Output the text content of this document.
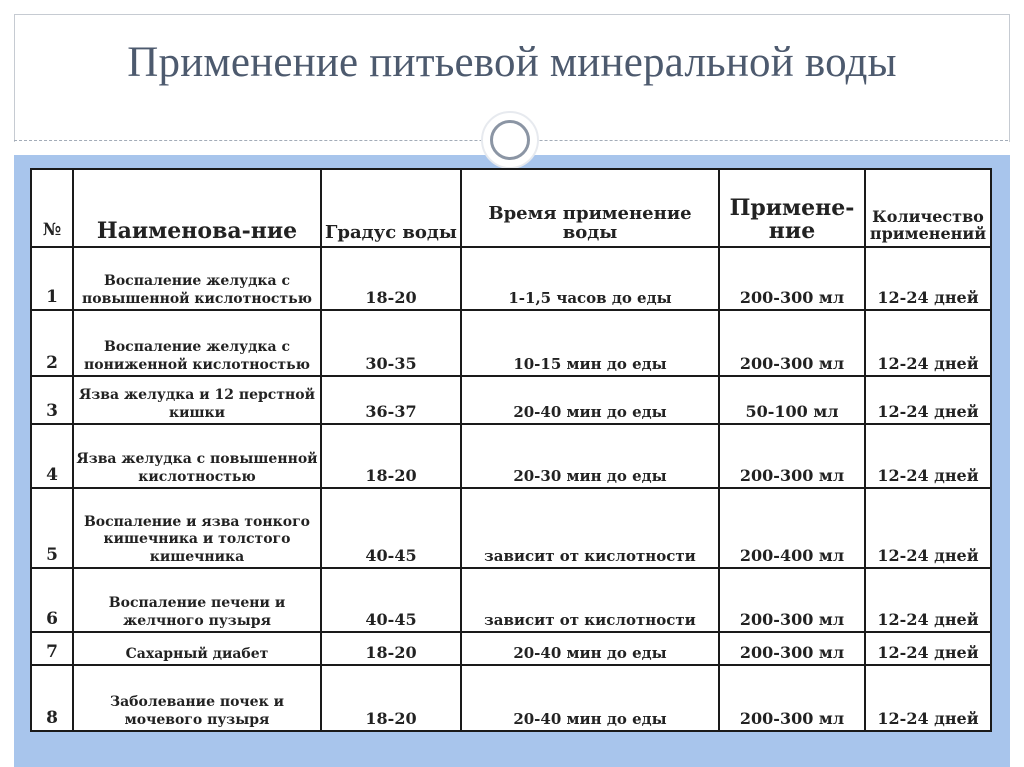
Применение питьевой минеральной воды
№	Наименова-ние	Градус воды	Время применение воды	Примене-ние	Количество применений
1	Воспаление желудка с повышенной кислотностью	18-20	1-1,5 часов до еды	200-300 мл	12-24 дней
2	Воспаление желудка с пониженной кислотностью	30-35	10-15 мин до еды	200-300 мл	12-24 дней
3	Язва желудка и 12 перстной кишки	36-37	20-40 мин до еды	50-100 мл	12-24 дней
4	Язва желудка с повышенной кислотностью	18-20	20-30 мин до еды	200-300 мл	12-24 дней
5	Воспаление и язва тонкого кишечника и толстого кишечника	40-45	зависит от кислотности	200-400 мл	12-24 дней
6	Воспаление печени и желчного пузыря	40-45	зависит от кислотности	200-300 мл	12-24 дней
7	Сахарный диабет	18-20	20-40 мин до еды	200-300 мл	12-24 дней
8	Заболевание почек и мочевого пузыря	18-20	20-40 мин до еды	200-300 мл	12-24 дней
